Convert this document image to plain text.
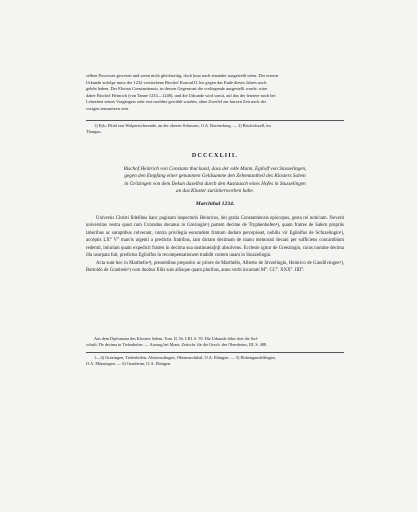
selben Processes gewesen und wenn nicht gleichzeitig, doch kurz nach einander ausgestellt seien. Der erstern

Urkunde zufolge muss der 1232 verstorbene Bischof Konrad II. bis gegen das Ende dieses Jahres noch

gelebt haben. Der Electus Constantiensis, in dessen Gegenwart die vorliegende ausgestellt wurde, wäre

daher Bischof Heinrich (von Tanne 1233—1248), und die Urkunde wird somit, auf das der letztere noch bei

Lebzeiten seines Vorgängers oder erst nachher gewählt wurden, ohne Zweifel zur kurzen Zeit nach der

vorigen anzusetzen sein.

1) Eyb, Filial von Wolpertschwende, an der oberen Schussen, O.A. Ravensburg. — 2) Bischofszell, im

Thurgau.

DCCCXLIII.
Bischof Heinrich von Constanz thut kund, dass der edle Mann, Egilolf von Stusselingen,
gegen den Empfang einer genannten Geldsumme den Zehentantheil des Klosters Salem
in Grözingen von dem Dekan daselbst durch den Austausch eines Hofes in Stusselingen
an das Kloster zurückerworben habe.
Marchthal 1234.

Universis Christi fidelibus hanc paginam inspecturis Heinricus, dei gratia Constantiensis episcopus, gesta rei noticiam. Noverit universitas vestra quod cum Cvnradus decanus in Greziugin¹) partem decime de Tryphenhofen⁴), quam fratres de Salem propriis laboribus ac sumptibus colverant, contra privilegia eorumdem fratrum dudum percepisset, nobilis vir Egilolfus de Scfuzelingin³), acceptis LX° V° marcis argenti a predictis fratribus, iam dictam decimam de manu memorati decani per sufficiens concambium redemit, iniuriam quam expedicti fratres in decima sua sustinuera[n]t absolvens. Ecclesie igitur de Greezingin, cuius nomine decima illa usurpata fuit, predictus Egilolfus in recompensationem tradidit curtem unam in Stuzzelingin.

Acta sunt hec in Marthello⁴), presentibus preposito ac priore de Marthello, Alberto de Stvzelingin, Heinrico de Gundilvingen⁵), Bertoldo de Granhein⁶) cum duobus filiis suis aliisque quam pluribus, anno verbi incarnati M°. CC°. XXX°. IIII°.

Aus dem Diplomatar des Klosters Salem, Tom. II, Nr. LIII. S. 59. Die Urkunde führt dort die Auf-

schrift: De decima in Tiefenhofen. — Auszug bei Mone, Zeitschr. für die Gesch. des Oberrheins, III, S. 488.

1—4) Grözingen, Tiefenhöfen, Altsteusslingen, Obermarchthal, O.A. Ehingen. — 5) Hohengundelfingen,

O.A. Münsingen. — 6) Granheim, O.A. Ehingen.
